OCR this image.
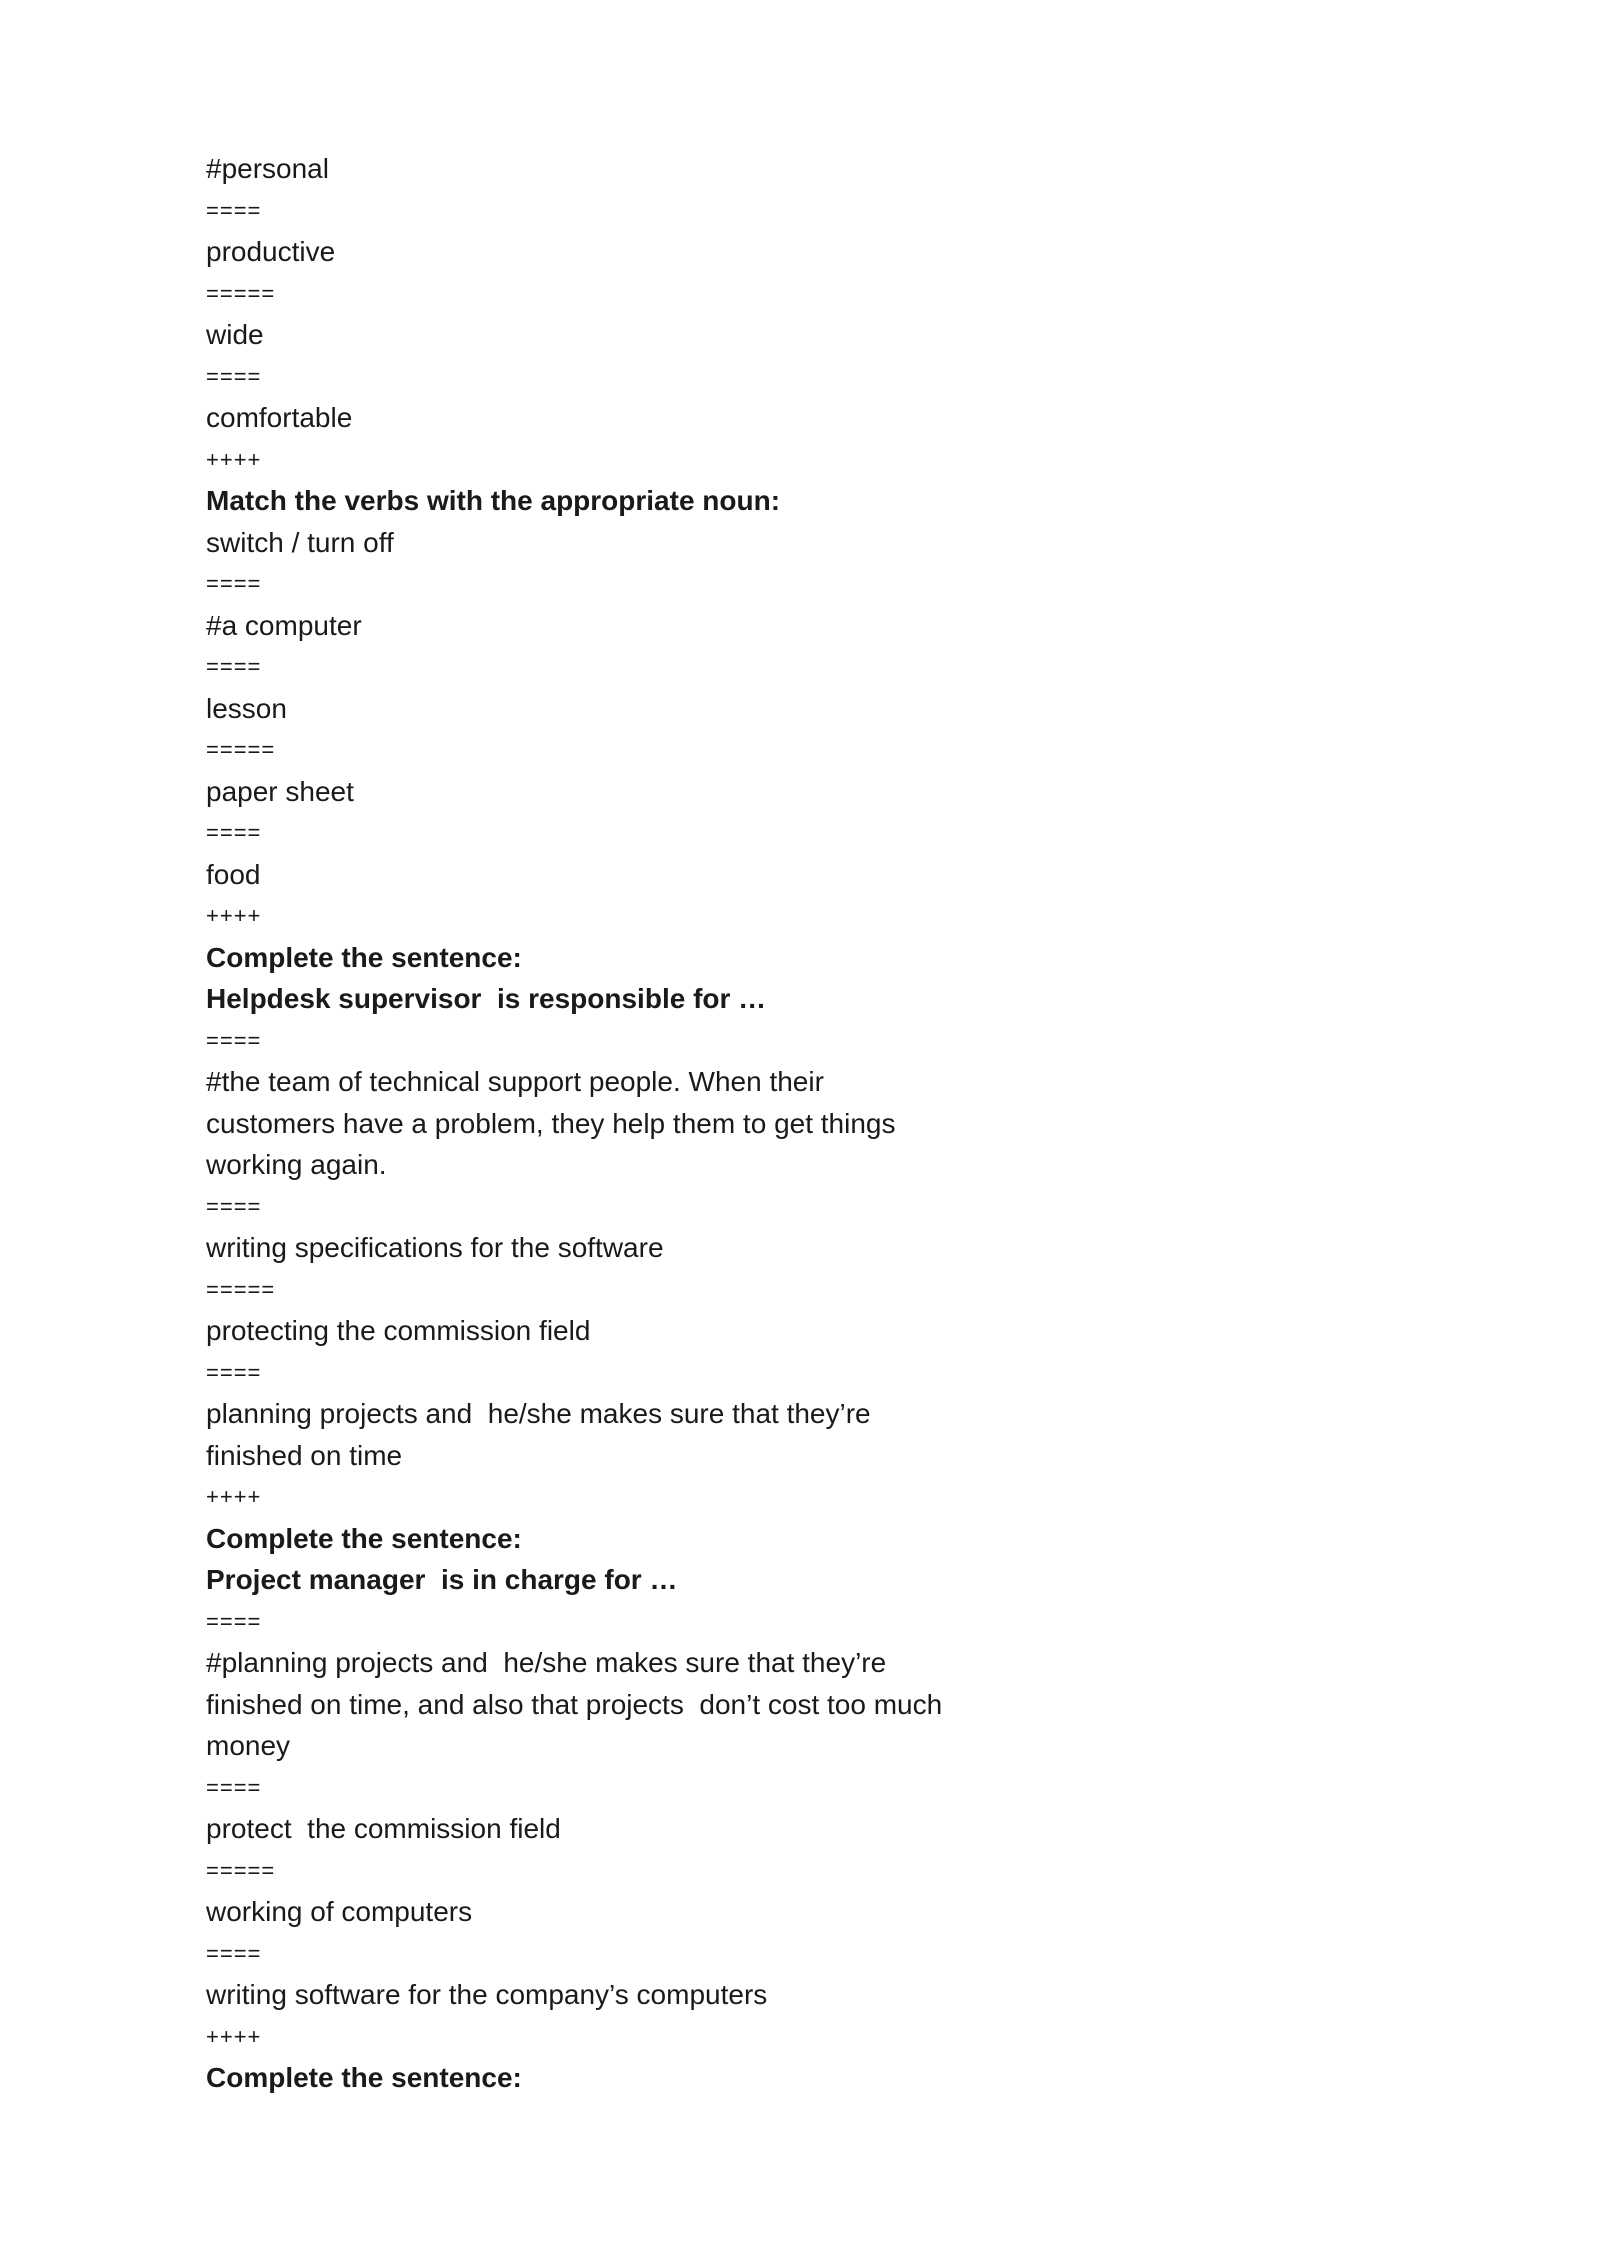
#personal
====
productive
=====
wide
====
comfortable
++++
Match the verbs with the appropriate noun:
switch / turn off
====
#a computer
====
lesson
=====
paper sheet
====
food
++++
Complete the sentence:
Helpdesk supervisor  is responsible for …
====
#the team of technical support people. When their
customers have a problem, they help them to get things
working again.
====
writing specifications for the software
=====
protecting the commission field
====
planning projects and  he/she makes sure that they’re
finished on time
++++
Complete the sentence:
Project manager  is in charge for …
====
#planning projects and  he/she makes sure that they’re
finished on time, and also that projects  don’t cost too much
money
====
protect  the commission field
=====
working of computers
====
writing software for the company’s computers
++++
Complete the sentence:
